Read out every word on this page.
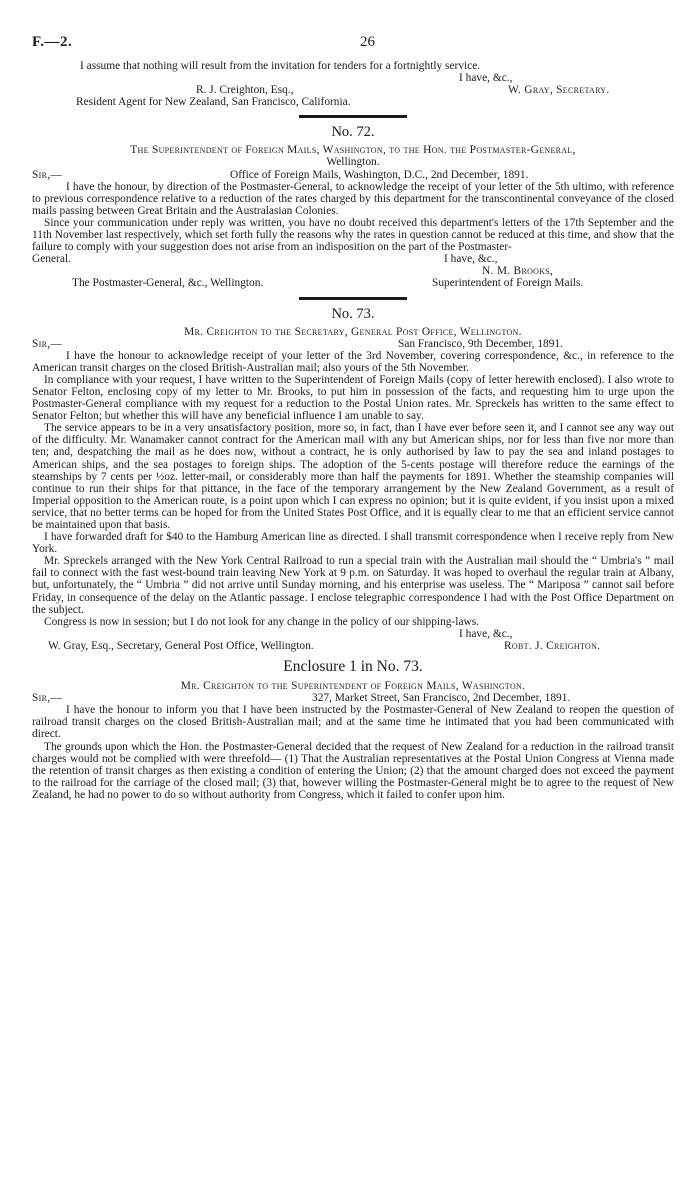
F.—2.	26

I assume that nothing will result from the invitation for tenders for a fortnightly service.

I have, &c.,
R. J. Creighton, Esq.,	W. Gray, Secretary.
Resident Agent for New Zealand, San Francisco, California.
No. 72.

The Superintendent of Foreign Mails, Washington, to the Hon. the Postmaster-General,

Wellington.

Sir,—	Office of Foreign Mails, Washington, D.C., 2nd December, 1891.

I have the honour, by direction of the Postmaster-General, to acknowledge the receipt of your letter of the 5th ultimo, with reference to previous correspondence relative to a reduction of the rates charged by this department for the transcontinental conveyance of the closed mails passing between Great Britain and the Australasian Colonies.

Since your communication under reply was written, you have no doubt received this department's letters of the 17th September and the 11th November last respectively, which set forth fully the reasons why the rates in question cannot be reduced at this time, and show that the failure to comply with your suggestion does not arise from an indisposition on the part of the Postmaster-

General.	I have, &c.,
N. M. Brooks,
The Postmaster-General, &c., Wellington.	Superintendent of Foreign Mails.
No. 73.

Mr. Creighton to the Secretary, General Post Office, Wellington.

Sir,—	San Francisco, 9th December, 1891.

I have the honour to acknowledge receipt of your letter of the 3rd November, covering correspondence, &c., in reference to the American transit charges on the closed British-Australian mail; also yours of the 5th November.

In compliance with your request, I have written to the Superintendent of Foreign Mails (copy of letter herewith enclosed). I also wrote to Senator Felton, enclosing copy of my letter to Mr. Brooks, to put him in possession of the facts, and requesting him to urge upon the Postmaster-General compliance with my request for a reduction to the Postal Union rates. Mr. Spreckels has written to the same effect to Senator Felton; but whether this will have any beneficial influence I am unable to say.

The service appears to be in a very unsatisfactory position, more so, in fact, than I have ever before seen it, and I cannot see any way out of the difficulty. Mr. Wanamaker cannot contract for the American mail with any but American ships, nor for less than five nor more than ten; and, despatching the mail as he does now, without a contract, he is only authorised by law to pay the sea and inland postages to American ships, and the sea postages to foreign ships. The adoption of the 5-cents postage will therefore reduce the earnings of the steamships by 7 cents per ½oz. letter-mail, or considerably more than half the payments for 1891. Whether the steamship companies will continue to run their ships for that pittance, in the face of the temporary arrangement by the New Zealand Government, as a result of Imperial opposition to the American route, is a point upon which I can express no opinion; but it is quite evident, if you insist upon a mixed service, that no better terms can be hoped for from the United States Post Office, and it is equally clear to me that an efficient service cannot be maintained upon that basis.

I have forwarded draft for $40 to the Hamburg American line as directed. I shall transmit correspondence when I receive reply from New York.

Mr. Spreckels arranged with the New York Central Railroad to run a special train with the Australian mail should the “ Umbria's ” mail fail to connect with the fast west-bound train leaving New York at 9 p.m. on Saturday. It was hoped to overhaul the regular train at Albany, but, unfortunately, the “ Umbria ” did not arrive until Sunday morning, and his enterprise was useless. The “ Mariposa ” cannot sail before Friday, in consequence of the delay on the Atlantic passage. I enclose telegraphic correspondence I had with the Post Office Department on the subject.

Congress is now in session; but I do not look for any change in the policy of our shipping-laws.

I have, &c.,
W. Gray, Esq., Secretary, General Post Office, Wellington.	Robt. J. Creighton.
Enclosure 1 in No. 73.

Mr. Creighton to the Superintendent of Foreign Mails, Washington.

Sir,—	327, Market Street, San Francisco, 2nd December, 1891.

I have the honour to inform you that I have been instructed by the Postmaster-General of New Zealand to reopen the question of railroad transit charges on the closed British-Australian mail; and at the same time he intimated that you had been communicated with direct.

The grounds upon which the Hon. the Postmaster-General decided that the request of New Zealand for a reduction in the railroad transit charges would not be complied with were threefold— (1) That the Australian representatives at the Postal Union Congress at Vienna made the retention of transit charges as then existing a condition of entering the Union; (2) that the amount charged does not exceed the payment to the railroad for the carriage of the closed mail; (3) that, however willing the Postmaster-General might be to agree to the request of New Zealand, he had no power to do so without authority from Congress, which it failed to confer upon him.
